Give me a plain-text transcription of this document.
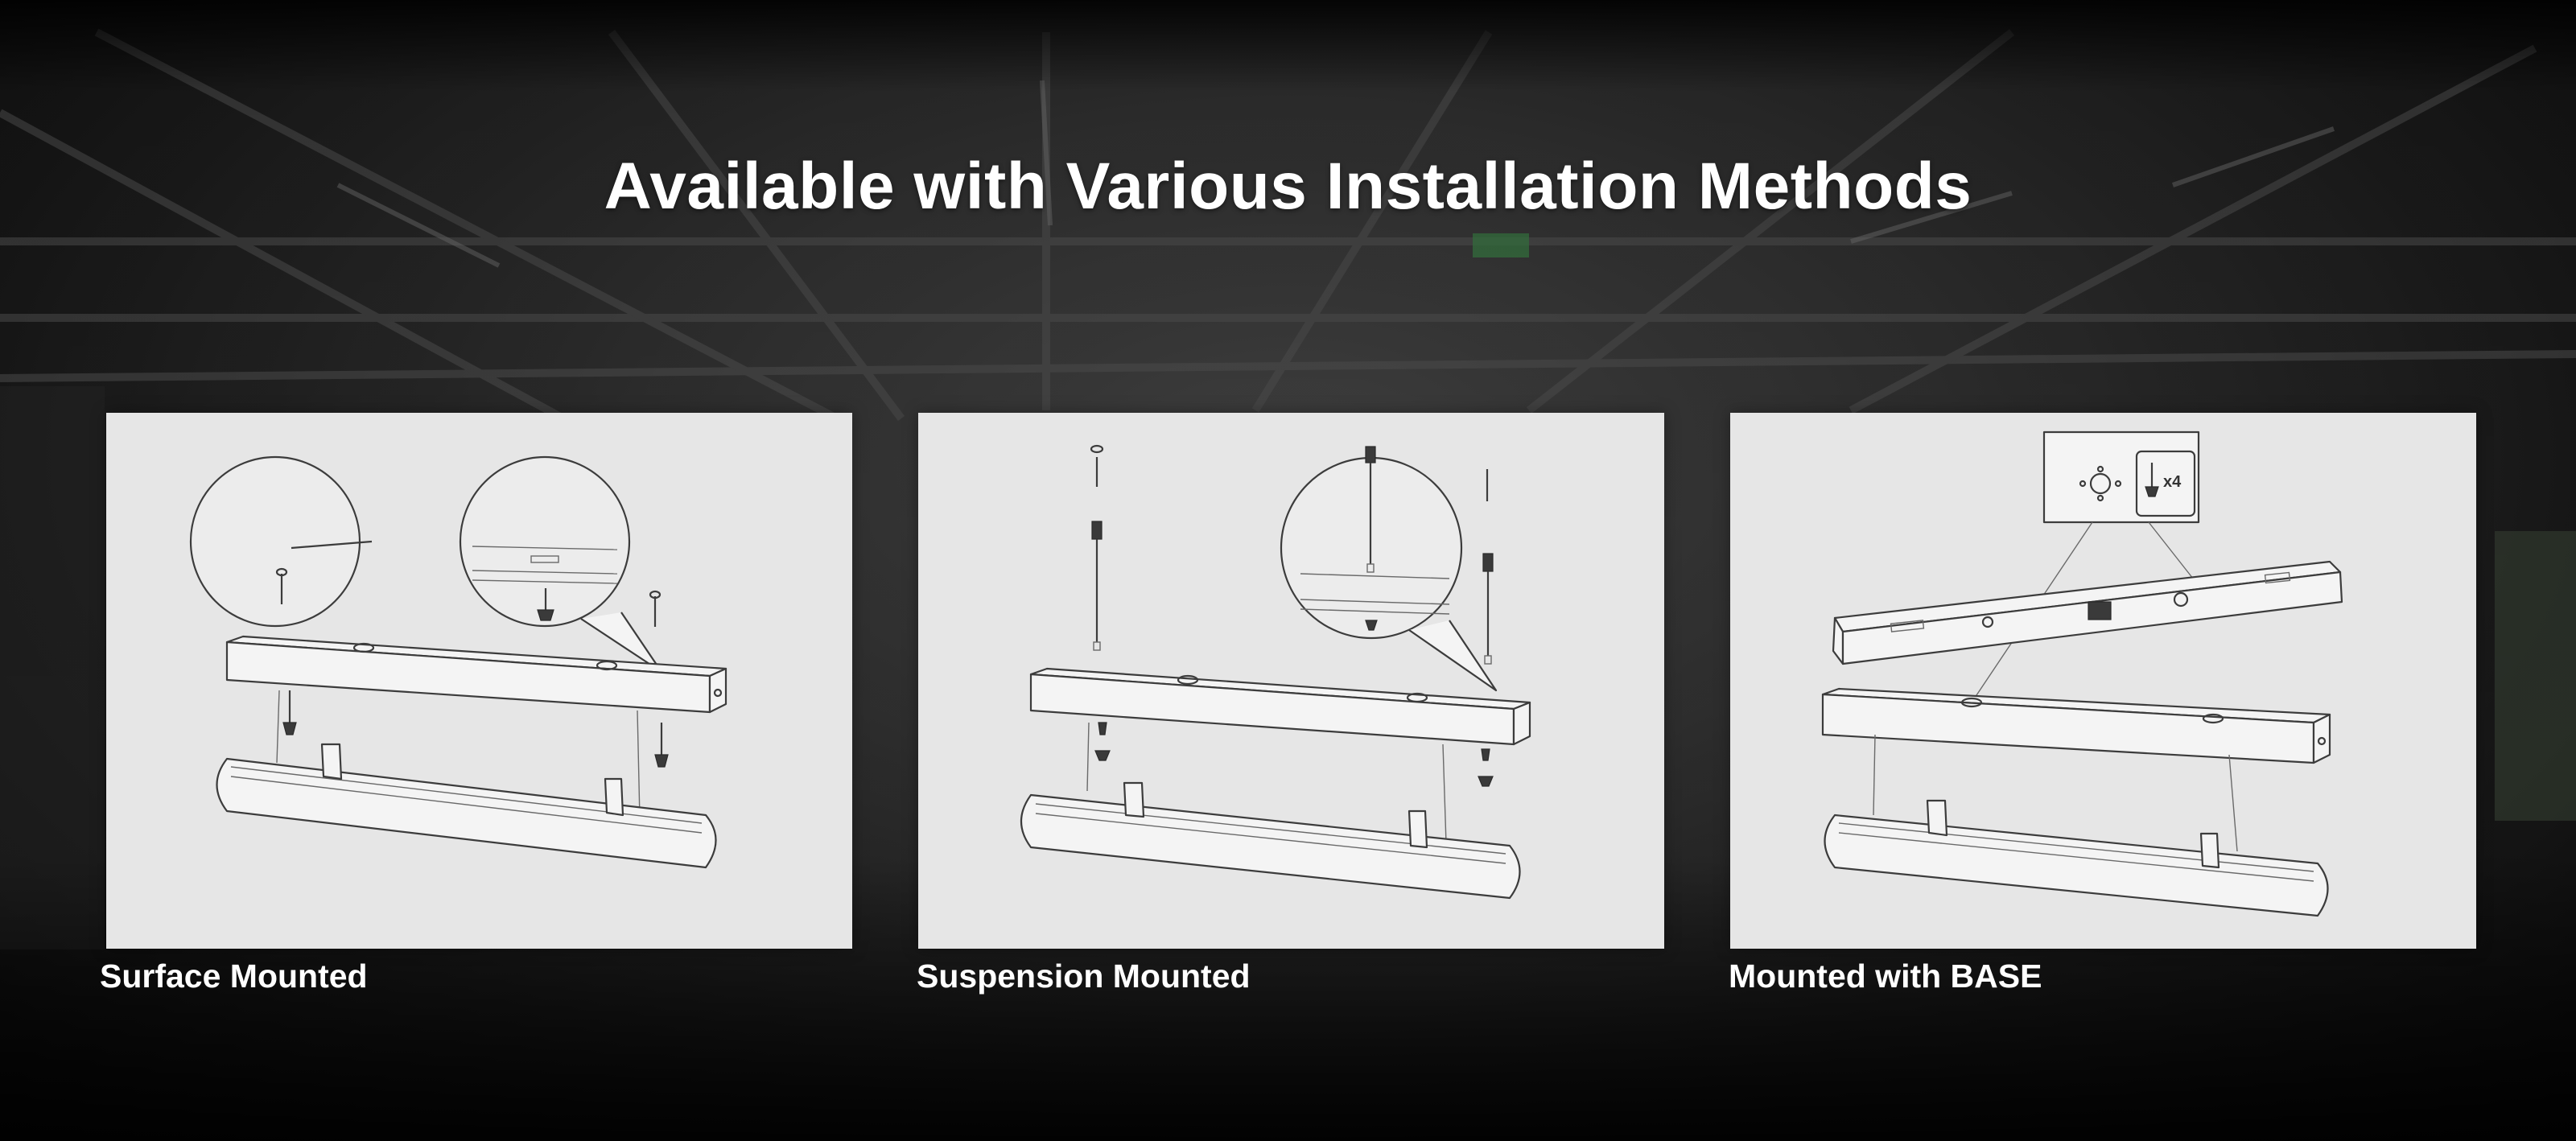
Available with Various Installation Methods
Surface Mounted	Suspension Mounted
x4
Mounted with BASE
